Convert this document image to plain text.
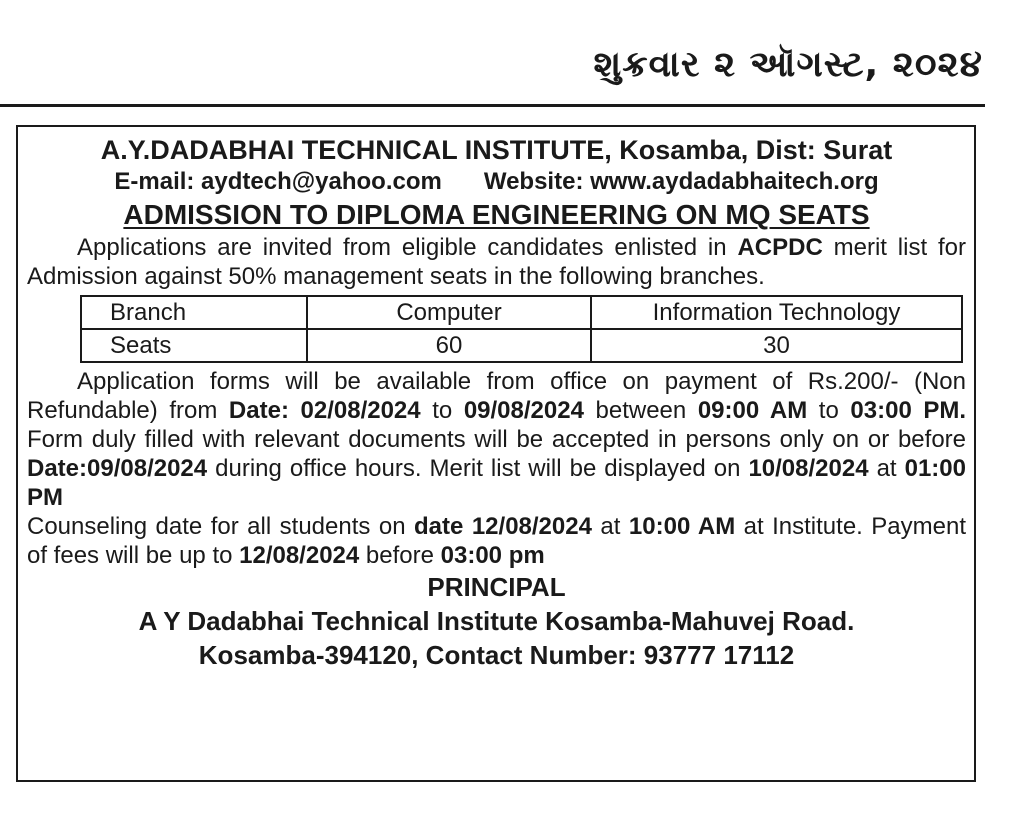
શુક્રવાર ૨ ઑગસ્ટ, ૨૦૨૪
A.Y.DADABHAI TECHNICAL INSTITUTE, Kosamba, Dist: Surat
E-mail: aydtech@yahoo.com Website: www.aydadabhaitech.org
ADMISSION TO DIPLOMA ENGINEERING ON MQ SEATS

Applications are invited from eligible candidates enlisted in ACPDC merit list for Admission against 50% management seats in the following branches.

Branch	Computer	Information Technology
Seats	60	30

Application forms will be available from office on payment of Rs.200/- (Non Refundable) from Date: 02/08/2024 to 09/08/2024 between 09:00 AM to 03:00 PM. Form duly filled with relevant documents will be accepted in persons only on or before Date:09/08/2024 during office hours. Merit list will be displayed on 10/08/2024 at 01:00 PM

Counseling date for all students on date 12/08/2024 at 10:00 AM at Institute. Payment of fees will be up to 12/08/2024 before 03:00 pm

PRINCIPAL
A Y Dadabhai Technical Institute Kosamba-Mahuvej Road.
Kosamba-394120, Contact Number: 93777 17112
